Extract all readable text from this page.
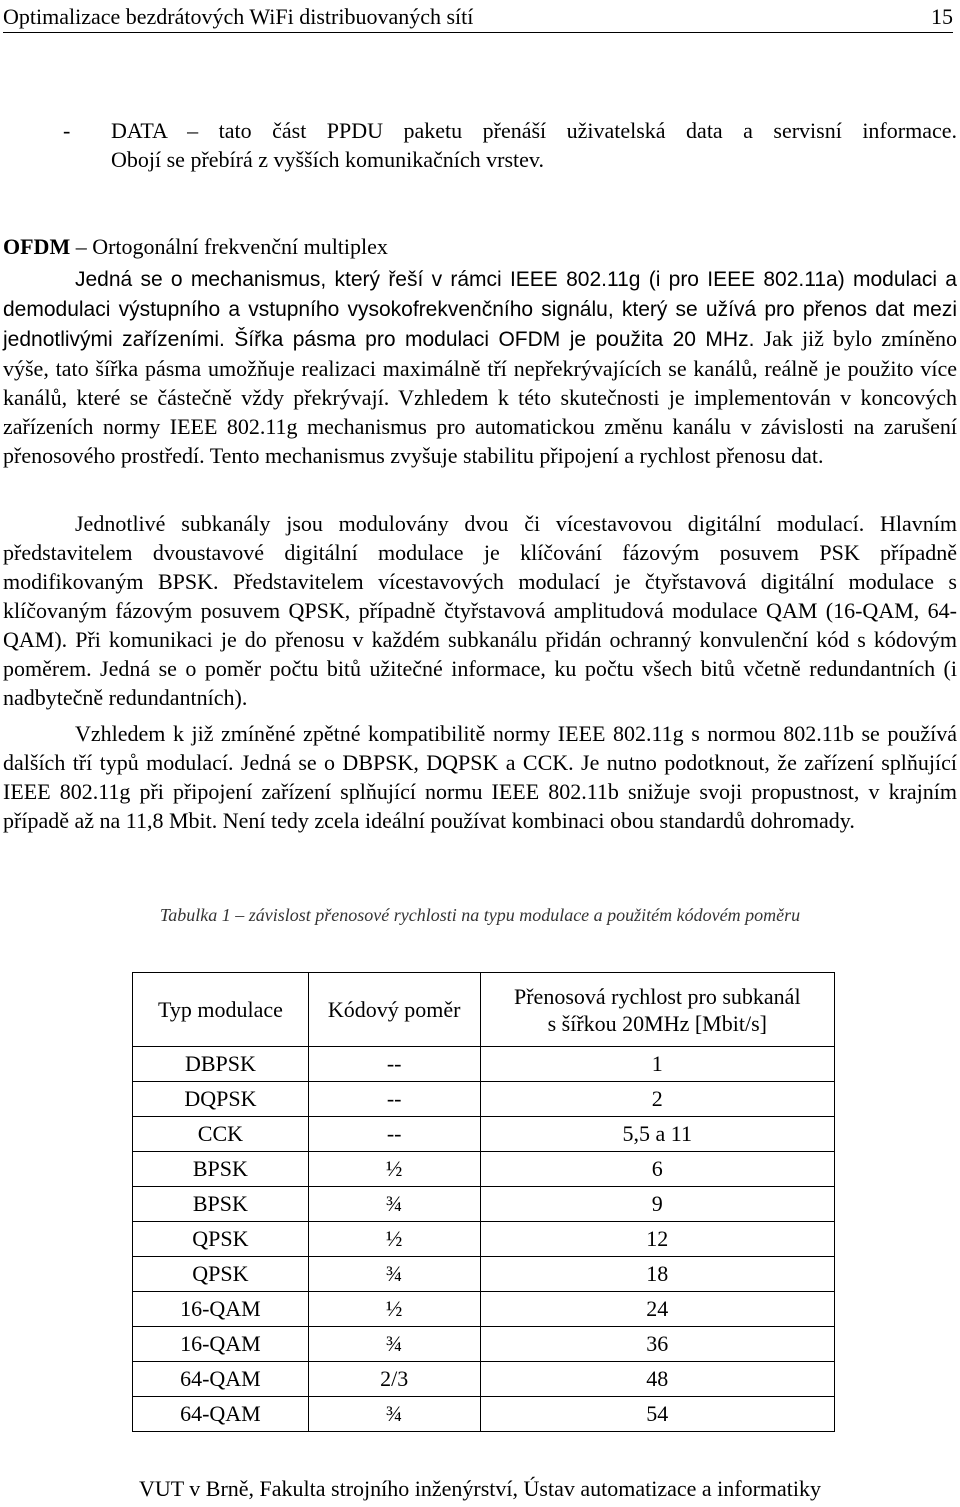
Optimalizace bezdrátových WiFi distribuovaných sítí	15
-	DATA – tato část PPDU paketu přenáší uživatelská data a servisní informace.
Obojí se přebírá z vyšších komunikačních vrstev.
OFDM – Ortogonální frekvenční multiplex
Jedná se o mechanismus, který řeší v rámci IEEE 802.11g (i pro IEEE 802.11a) modulaci a demodulaci výstupního a vstupního vysokofrekvenčního signálu, který se užívá pro přenos dat mezi jednotlivými zařízeními. Šířka pásma pro modulaci OFDM je použita 20 MHz. Jak již bylo zmíněno výše, tato šířka pásma umožňuje realizaci maximálně tří nepřekrývajících se kanálů, reálně je použito více kanálů, které se částečně vždy překrývají. Vzhledem k této skutečnosti je implementován v koncových zařízeních normy IEEE 802.11g mechanismus pro automatickou změnu kanálu v závislosti na zarušení přenosového prostředí. Tento mechanismus zvyšuje stabilitu připojení a rychlost přenosu dat.
Jednotlivé subkanály jsou modulovány dvou či vícestavovou digitální modulací. Hlavním představitelem dvoustavové digitální modulace je klíčování fázovým posuvem PSK případně modifikovaným BPSK. Představitelem vícestavových modulací je čtyřstavová digitální modulace s klíčovaným fázovým posuvem QPSK, případně čtyřstavová amplitudová modulace QAM (16-QAM, 64-QAM). Při komunikaci je do přenosu v každém subkanálu přidán ochranný konvulenční kód s kódovým poměrem. Jedná se o poměr počtu bitů užitečné informace, ku počtu všech bitů včetně redundantních (i nadbytečně redundantních).
Vzhledem k již zmíněné zpětné kompatibilitě normy IEEE 802.11g s normou 802.11b se používá dalších tří typů modulací. Jedná se o DBPSK, DQPSK a CCK. Je nutno podotknout, že zařízení splňující IEEE 802.11g při připojení zařízení splňující normu IEEE 802.11b snižuje svoji propustnost, v krajním případě až na 11,8 Mbit. Není tedy zcela ideální používat kombinaci obou standardů dohromady.
Tabulka 1 – závislost přenosové rychlosti na typu modulace a použitém kódovém poměru
Typ modulace	Kódový poměr	Přenosová rychlost pro subkanál
s šířkou 20MHz [Mbit/s]

DBPSK	--	1
DQPSK	--	2
CCK	--	5,5 a 11
BPSK	½	6
BPSK	¾	9
QPSK	½	12
QPSK	¾	18
16-QAM	½	24
16-QAM	¾	36
64-QAM	2/3	48
64-QAM	¾	54
VUT v Brně, Fakulta strojního inženýrství, Ústav automatizace a informatiky
